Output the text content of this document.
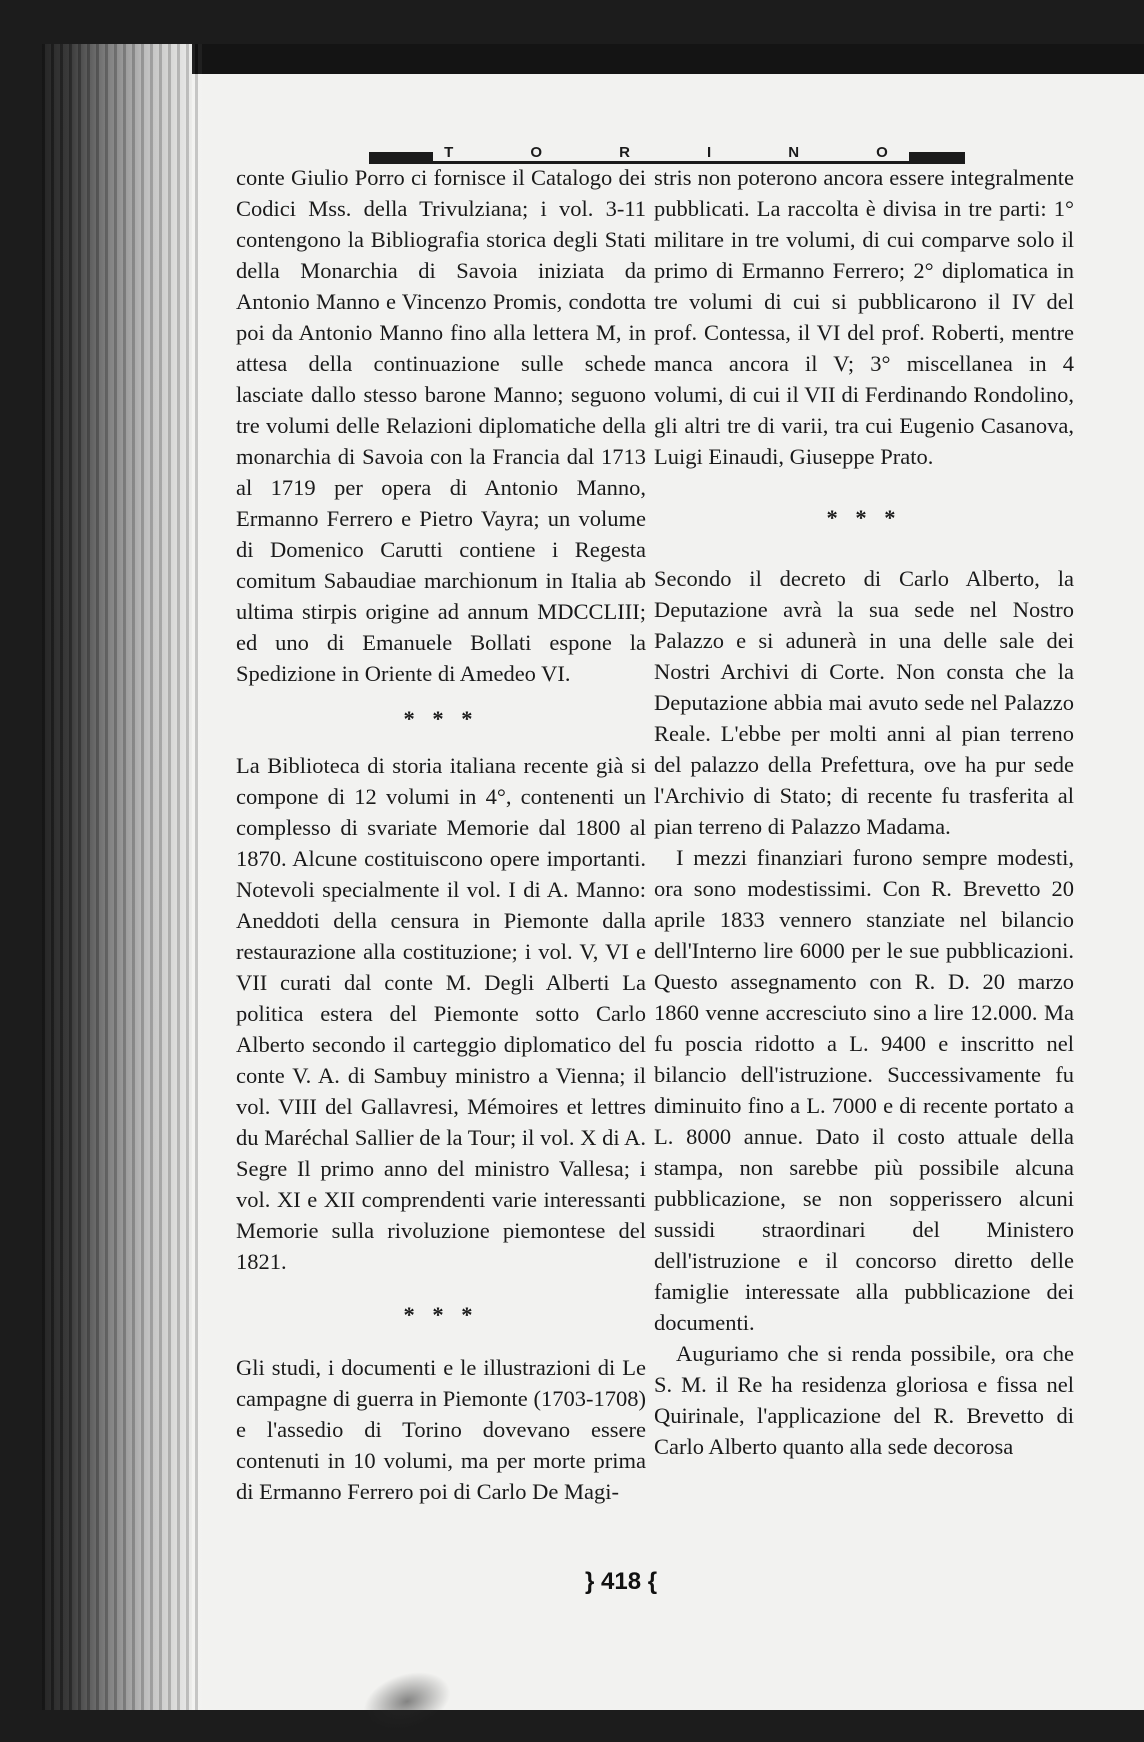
T	O	R	I	N	O

conte Giulio Porro ci fornisce il Catalogo dei Codici Mss. della Trivulziana; i vol. 3-11 contengono la Bibliografia storica degli Stati della Monarchia di Savoia iniziata da Antonio Manno e Vincenzo Promis, condotta poi da Antonio Manno fino alla lettera M, in attesa della continuazione sulle schede lasciate dallo stesso barone Manno; seguono tre volumi delle Relazioni diplomatiche della monarchia di Savoia con la Francia dal 1713 al 1719 per opera di Antonio Manno, Ermanno Ferrero e Pietro Vayra; un volume di Domenico Carutti contiene i Regesta comitum Sabaudiae marchionum in Italia ab ultima stirpis origine ad annum MDCCLIII; ed uno di Emanuele Bollati espone la Spedizione in Oriente di Amedeo VI.

* * *

La Biblioteca di storia italiana recente già si compone di 12 volumi in 4°, contenenti un complesso di svariate Memorie dal 1800 al 1870. Alcune costituiscono opere importanti. Notevoli specialmente il vol. I di A. Manno: Aneddoti della censura in Piemonte dalla restaurazione alla costituzione; i vol. V, VI e VII curati dal conte M. Degli Alberti La politica estera del Piemonte sotto Carlo Alberto secondo il carteggio diplomatico del conte V. A. di Sambuy ministro a Vienna; il vol. VIII del Gallavresi, Mémoires et lettres du Maréchal Sallier de la Tour; il vol. X di A. Segre Il primo anno del ministro Vallesa; i vol. XI e XII comprendenti varie interessanti Memorie sulla rivoluzione piemontese del 1821.

* * *

Gli studi, i documenti e le illustrazioni di Le campagne di guerra in Piemonte (1703-1708) e l'assedio di Torino dovevano essere contenuti in 10 volumi, ma per morte prima di Ermanno Ferrero poi di Carlo De Magi-

stris non poterono ancora essere integralmente pubblicati. La raccolta è divisa in tre parti: 1° militare in tre volumi, di cui comparve solo il primo di Ermanno Ferrero; 2° diplomatica in tre volumi di cui si pubblicarono il IV del prof. Contessa, il VI del prof. Roberti, mentre manca ancora il V; 3° miscellanea in 4 volumi, di cui il VII di Ferdinando Rondolino, gli altri tre di varii, tra cui Eugenio Casanova, Luigi Einaudi, Giuseppe Prato.

* * *

Secondo il decreto di Carlo Alberto, la Deputazione avrà la sua sede nel Nostro Palazzo e si adunerà in una delle sale dei Nostri Archivi di Corte. Non consta che la Deputazione abbia mai avuto sede nel Palazzo Reale. L'ebbe per molti anni al pian terreno del palazzo della Prefettura, ove ha pur sede l'Archivio di Stato; di recente fu trasferita al pian terreno di Palazzo Madama.

I mezzi finanziari furono sempre modesti, ora sono modestissimi. Con R. Brevetto 20 aprile 1833 vennero stanziate nel bilancio dell'Interno lire 6000 per le sue pubblicazioni. Questo assegnamento con R. D. 20 marzo 1860 venne accresciuto sino a lire 12.000. Ma fu poscia ridotto a L. 9400 e inscritto nel bilancio dell'istruzione. Successivamente fu diminuito fino a L. 7000 e di recente portato a L. 8000 annue. Dato il costo attuale della stampa, non sarebbe più possibile alcuna pubblicazione, se non sopperissero alcuni sussidi straordinari del Ministero dell'istruzione e il concorso diretto delle famiglie interessate alla pubblicazione dei documenti.

Auguriamo che si renda possibile, ora che S. M. il Re ha residenza gloriosa e fissa nel Quirinale, l'applicazione del R. Brevetto di Carlo Alberto quanto alla sede decorosa

} 418 {
